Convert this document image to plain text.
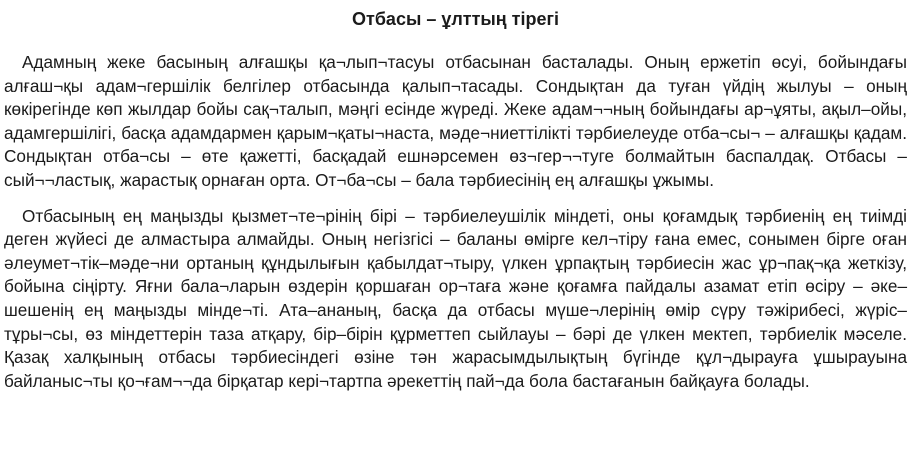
Отбасы – ұлттың тірегі

Адамның жеке басының алғашқы қа¬лып¬тасуы отбасынан басталады. Оның ержетіп өсуі, бойындағы алғаш¬қы адам¬гершілік белгілер отбасында қалып¬тасады. Сондықтан да туған үйдің жылуы – оның көкірегінде көп жылдар бойы сақ¬талып, мәңгі есінде жүреді. Жеке адам¬¬ның бойындағы ар¬ұяты, ақыл–ойы, адамгершілігі, басқа адамдармен қарым¬қаты¬наста, мәде¬ниеттілікті тәрбиелеуде отба¬сы¬ – алғашқы қадам. Сондықтан отба¬сы – өте қажетті, басқадай ешнәрсемен өз¬гер¬¬туге болмайтын баспалдақ. Отбасы – сый¬¬ластық, жарастық орнаған орта. От¬ба¬сы – бала тәрбиесінің ең алғашқы ұжымы.

Отбасының ең маңызды қызмет¬те¬рінің бірі – тәрбиелеушілік міндеті, оны қоғамдық тәрбиенің ең тиімді деген жүйесі де алмастыра алмайды. Оның негізгісі – баланы өмірге кел¬тіру ғана емес, сонымен бірге оған әлеумет¬тік–мәде¬ни ортаның құндылығын қабылдат¬тыру, үлкен ұрпақтың тәрбиесін жас ұр¬пақ¬қа жеткізу, бойына сіңірту. Яғни бала¬ларын өздерін қоршаған ор¬таға және қоғамға пайдалы азамат етіп өсіру – әке–шешенің ең маңызды мінде¬ті. Ата–ананың, басқа да отбасы мүше¬лерінің өмір сүру тәжірибесі, жүріс–тұры¬сы, өз міндеттерін таза атқару, бір–бірін құрметтеп сыйлауы – бәрі де үлкен мектеп, тәрбиелік мәселе. Қазақ халқының отбасы тәрбиесіндегі өзіне тән жарасымдылықтың бүгінде құл¬дырауға ұшырауына байланыс¬ты қо¬ғам¬¬да бірқатар кері¬тартпа әрекеттің пай¬да бола бастағанын байқауға болады.
